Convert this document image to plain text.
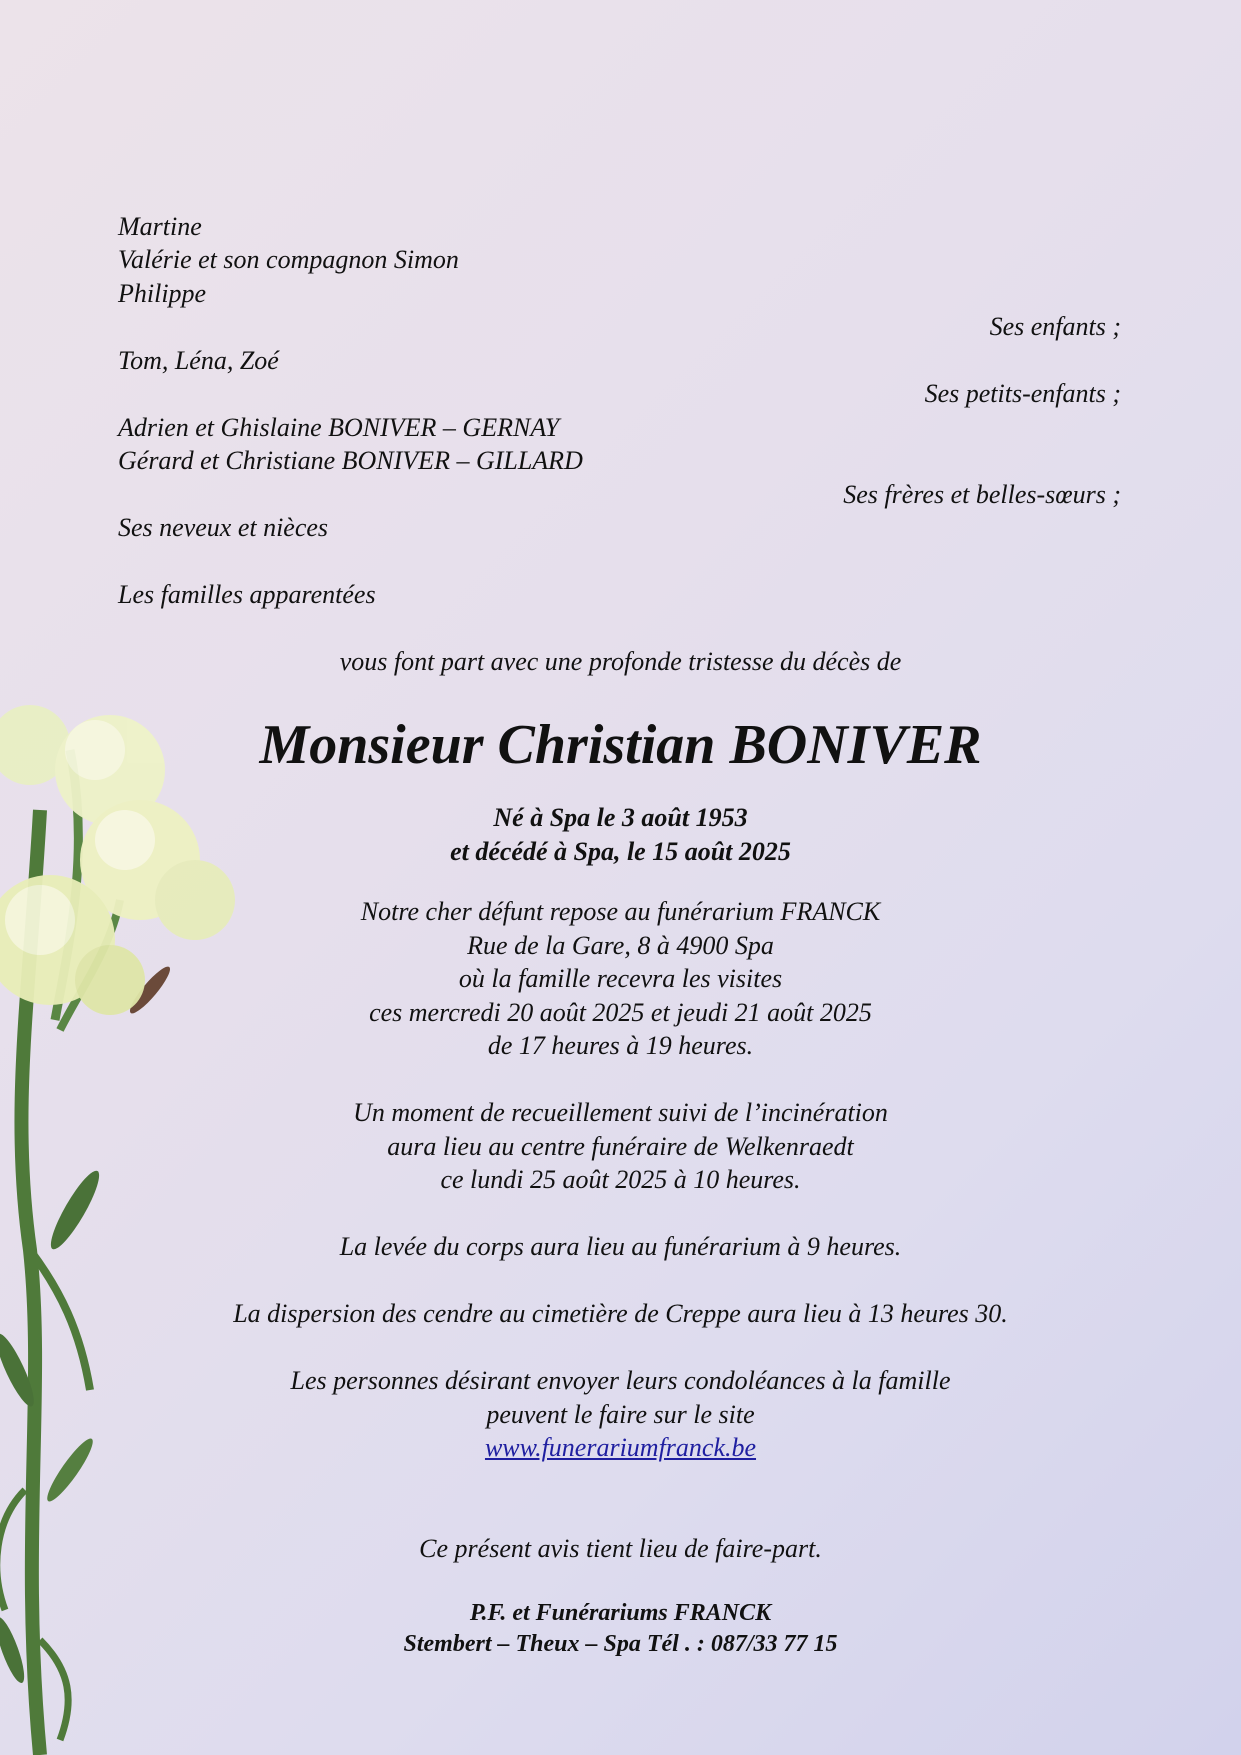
Martine
Valérie et son compagnon Simon
Philippe
Ses enfants ;
Tom, Léna, Zoé
Ses petits-enfants ;
Adrien et Ghislaine BONIVER – GERNAY
Gérard et Christiane BONIVER – GILLARD
Ses frères et belles-sœurs ;
Ses neveux et nièces
Les familles apparentées
vous font part avec une profonde tristesse du décès de
Monsieur Christian BONIVER
Né à Spa le 3 août 1953
et décédé à Spa, le 15 août 2025
Notre cher défunt repose au funérarium FRANCK
Rue de la Gare, 8 à 4900 Spa
où la famille recevra les visites
ces mercredi 20 août 2025 et jeudi 21 août 2025
de 17 heures à 19 heures.
Un moment de recueillement suivi de l’incinération
aura lieu au centre funéraire de Welkenraedt
ce lundi 25 août 2025 à 10 heures.
La levée du corps aura lieu au funérarium à 9 heures.
La dispersion des cendre au cimetière de Creppe aura lieu à 13 heures 30.
Les personnes désirant envoyer leurs condoléances à la famille
peuvent le faire sur le site
www.funerariumfranck.be
Ce présent avis tient lieu de faire-part.
P.F. et Funérariums FRANCK
Stembert – Theux – Spa Tél . : 087/33 77 15
